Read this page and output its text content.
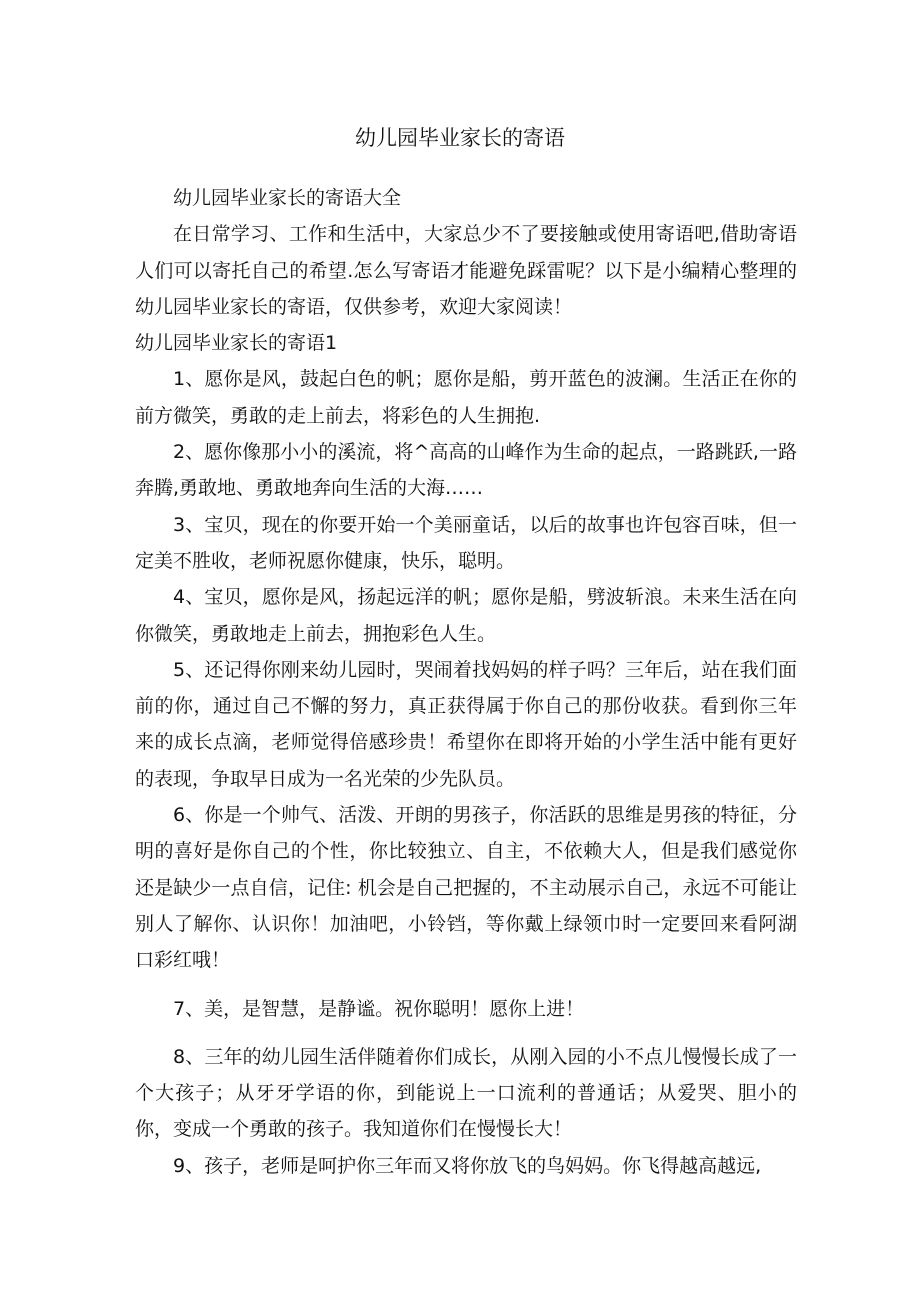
幼儿园毕业家长的寄语

幼儿园毕业家长的寄语大全

在日常学习、工作和生活中，大家总少不了要接触或使用寄语吧,借助寄语人们可以寄托自己的希望.怎么写寄语才能避免踩雷呢？以下是小编精心整理的幼儿园毕业家长的寄语，仅供参考，欢迎大家阅读！

幼儿园毕业家长的寄语1

1、愿你是风，鼓起白色的帆；愿你是船，剪开蓝色的波澜。生活正在你的前方微笑，勇敢的走上前去，将彩色的人生拥抱.

2、愿你像那小小的溪流，将^高高的山峰作为生命的起点，一路跳跃,一路奔腾,勇敢地、勇敢地奔向生活的大海……

3、宝贝，现在的你要开始一个美丽童话，以后的故事也许包容百味，但一定美不胜收，老师祝愿你健康，快乐，聪明。

4、宝贝，愿你是风，扬起远洋的帆；愿你是船，劈波斩浪。未来生活在向你微笑，勇敢地走上前去，拥抱彩色人生。

5、还记得你刚来幼儿园时，哭闹着找妈妈的样子吗？三年后，站在我们面前的你，通过自己不懈的努力，真正获得属于你自己的那份收获。看到你三年来的成长点滴，老师觉得倍感珍贵！希望你在即将开始的小学生活中能有更好的表现，争取早日成为一名光荣的少先队员。

6、你是一个帅气、活泼、开朗的男孩子，你活跃的思维是男孩的特征，分明的喜好是你自己的个性，你比较独立、自主，不依赖大人，但是我们感觉你还是缺少一点自信，记住: 机会是自己把握的，不主动展示自己，永远不可能让别人了解你、认识你！加油吧，小铃铛，等你戴上绿领巾时一定要回来看阿湖口彩红哦！

7、美，是智慧，是静谧。祝你聪明！愿你上进！

8、三年的幼儿园生活伴随着你们成长，从刚入园的小不点儿慢慢长成了一个大孩子；从牙牙学语的你，到能说上一口流利的普通话；从爱哭、胆小的你，变成一个勇敢的孩子。我知道你们在慢慢长大！

9、孩子，老师是呵护你三年而又将你放飞的鸟妈妈。你飞得越高越远,
